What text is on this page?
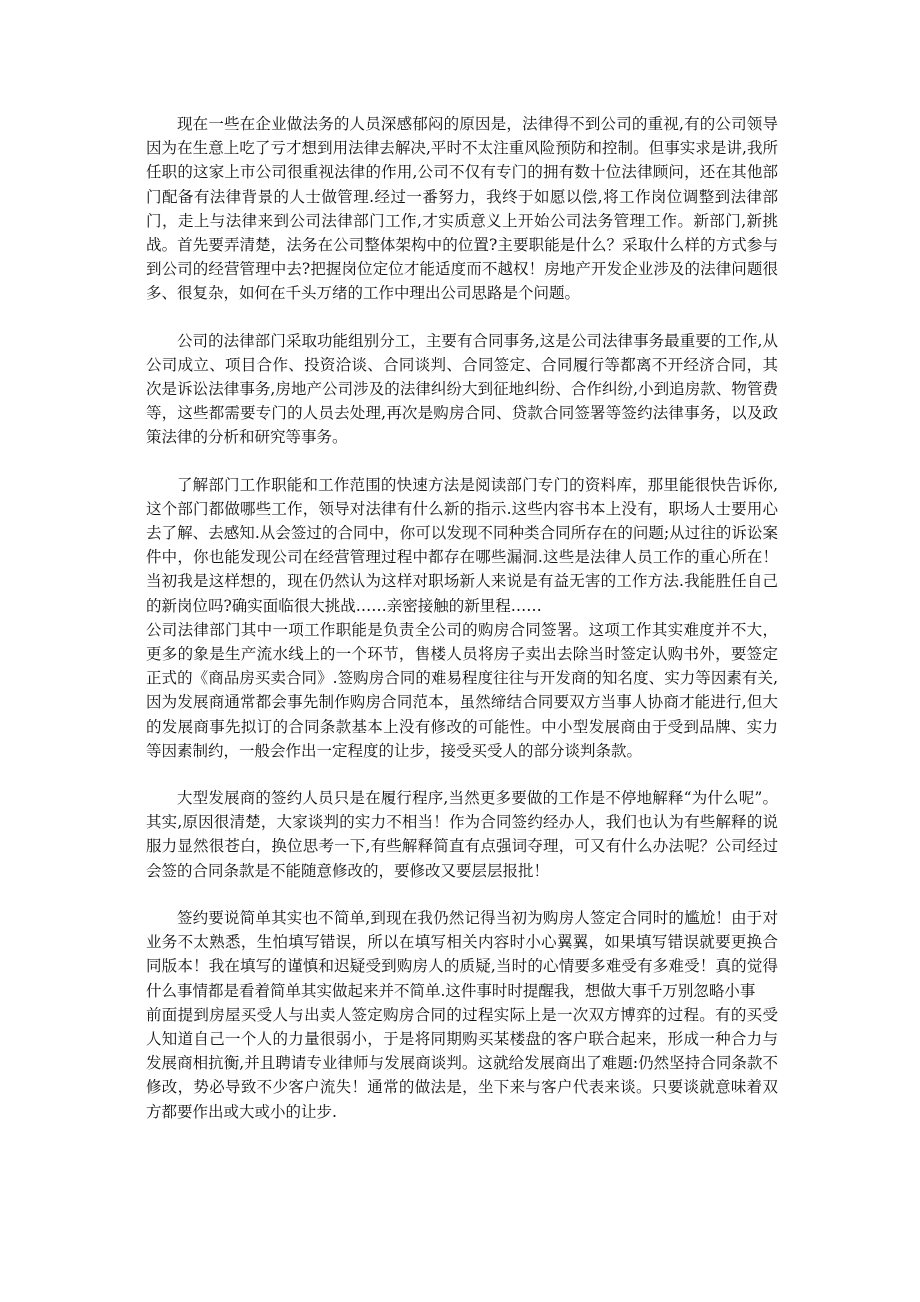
现在一些在企业做法务的人员深感郁闷的原因是，法律得不到公司的重视,有的公司领导因为在生意上吃了亏才想到用法律去解决,平时不太注重风险预防和控制。但事实求是讲,我所任职的这家上市公司很重视法律的作用,公司不仅有专门的拥有数十位法律顾问，还在其他部门配备有法律背景的人士做管理.经过一番努力，我终于如愿以偿,将工作岗位调整到法律部门，走上与法律来到公司法律部门工作,才实质意义上开始公司法务管理工作。新部门,新挑战。首先要弄清楚，法务在公司整体架构中的位置?主要职能是什么？采取什么样的方式参与到公司的经营管理中去?把握岗位定位才能适度而不越权！房地产开发企业涉及的法律问题很多、很复杂，如何在千头万绪的工作中理出公司思路是个问题。

公司的法律部门采取功能组别分工，主要有合同事务,这是公司法律事务最重要的工作,从公司成立、项目合作、投资洽谈、合同谈判、合同签定、合同履行等都离不开经济合同，其次是诉讼法律事务,房地产公司涉及的法律纠纷大到征地纠纷、合作纠纷,小到追房款、物管费等，这些都需要专门的人员去处理,再次是购房合同、贷款合同签署等签约法律事务，以及政策法律的分析和研究等事务。

了解部门工作职能和工作范围的快速方法是阅读部门专门的资料库，那里能很快告诉你,这个部门都做哪些工作，领导对法律有什么新的指示.这些内容书本上没有，职场人士要用心去了解、去感知.从会签过的合同中，你可以发现不同种类合同所存在的问题;从过往的诉讼案件中，你也能发现公司在经营管理过程中都存在哪些漏洞.这些是法律人员工作的重心所在！当初我是这样想的，现在仍然认为这样对职场新人来说是有益无害的工作方法.我能胜任自己的新岗位吗?确实面临很大挑战……亲密接触的新里程……

公司法律部门其中一项工作职能是负责全公司的购房合同签署。这项工作其实难度并不大，更多的象是生产流水线上的一个环节，售楼人员将房子卖出去除当时签定认购书外，要签定正式的《商品房买卖合同》.签购房合同的难易程度往往与开发商的知名度、实力等因素有关,因为发展商通常都会事先制作购房合同范本，虽然缔结合同要双方当事人协商才能进行,但大的发展商事先拟订的合同条款基本上没有修改的可能性。中小型发展商由于受到品牌、实力等因素制约，一般会作出一定程度的让步，接受买受人的部分谈判条款。

大型发展商的签约人员只是在履行程序,当然更多要做的工作是不停地解释“为什么呢”。其实,原因很清楚，大家谈判的实力不相当！作为合同签约经办人，我们也认为有些解释的说服力显然很苍白，换位思考一下,有些解释简直有点强词夺理，可又有什么办法呢？公司经过会签的合同条款是不能随意修改的，要修改又要层层报批！

签约要说简单其实也不简单,到现在我仍然记得当初为购房人签定合同时的尴尬！由于对业务不太熟悉，生怕填写错误，所以在填写相关内容时小心翼翼，如果填写错误就要更换合同版本！我在填写的谨慎和迟疑受到购房人的质疑,当时的心情要多难受有多难受！真的觉得什么事情都是看着简单其实做起来并不简单.这件事时时提醒我，想做大事千万别忽略小事

前面提到房屋买受人与出卖人签定购房合同的过程实际上是一次双方博弈的过程。有的买受人知道自己一个人的力量很弱小，于是将同期购买某楼盘的客户联合起来，形成一种合力与发展商相抗衡,并且聘请专业律师与发展商谈判。这就给发展商出了难题:仍然坚持合同条款不修改，势必导致不少客户流失！通常的做法是，坐下来与客户代表来谈。只要谈就意味着双方都要作出或大或小的让步.
